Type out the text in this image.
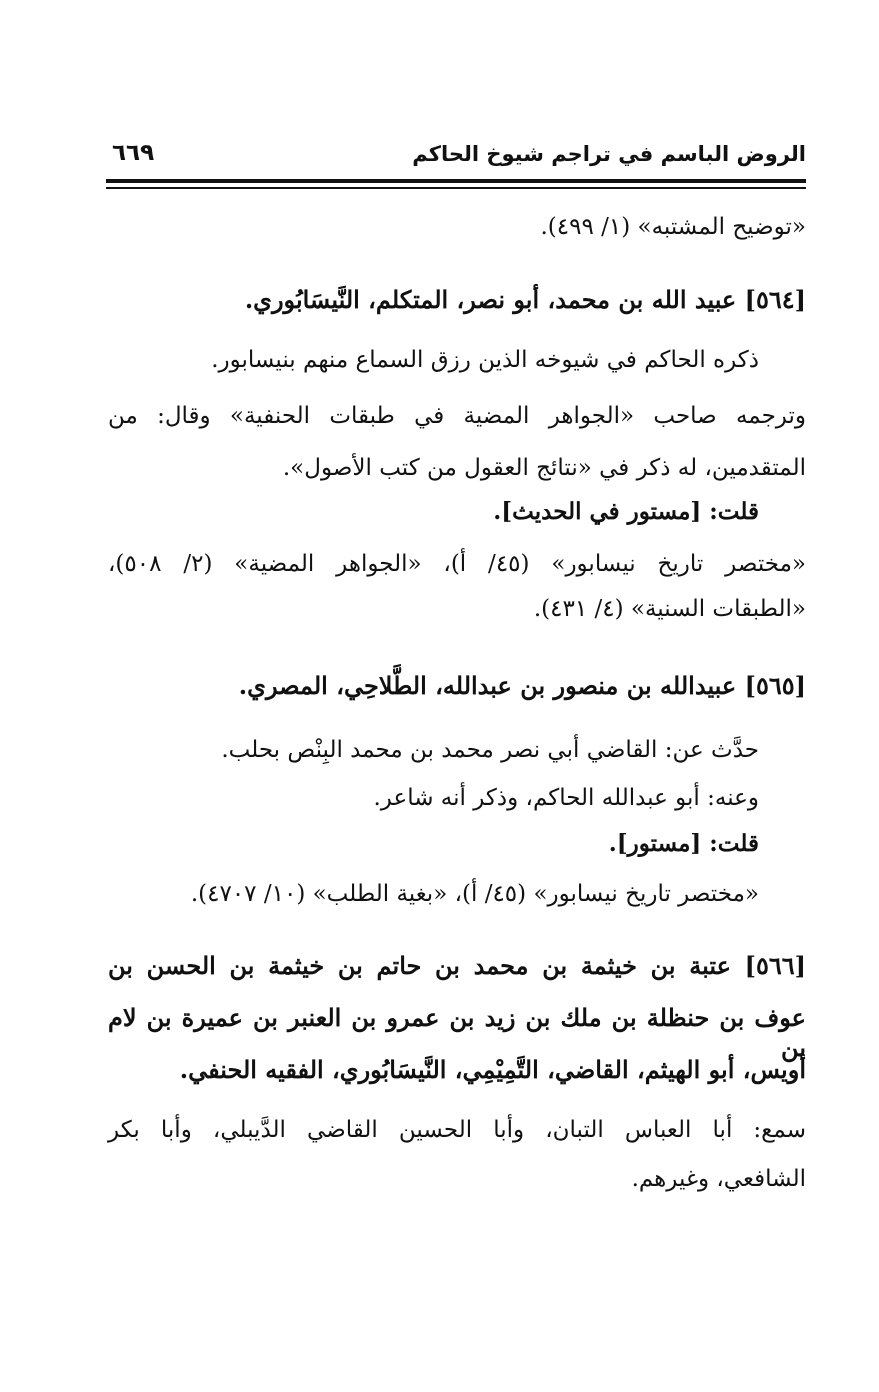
الروض الباسم في تراجم شيوخ الحاكم
٦٦٩
«توضيح المشتبه» (١/ ٤٩٩).
[٥٦٤] عبيد الله بن محمد، أبو نصر، المتكلم، النَّيسَابُوري.
ذكره الحاكم في شيوخه الذين رزق السماع منهم بنيسابور.
وترجمه صاحب «الجواهر المضية في طبقات الحنفية» وقال: من
المتقدمين، له ذكر في «نتائج العقول من كتب الأصول».
قلت: [مستور في الحديث].
«مختصر تاريخ نيسابور» (٤٥/ أ)، «الجواهر المضية» (٢/ ٥٠٨)،
«الطبقات السنية» (٤/ ٤٣١).
[٥٦٥] عبيدالله بن منصور بن عبدالله، الطَّلاحِي، المصري.
حدَّث عن: القاضي أبي نصر محمد بن محمد البِنْص بحلب.
وعنه: أبو عبدالله الحاكم، وذكر أنه شاعر.
قلت: [مستور].
«مختصر تاريخ نيسابور» (٤٥/ أ)، «بغية الطلب» (١٠/ ٤٧٠٧).
[٥٦٦] عتبة بن خيثمة بن محمد بن حاتم بن خيثمة بن الحسن بن
عوف بن حنظلة بن ملك بن زيد بن عمرو بن العنبر بن عميرة بن لام بن
أويس، أبو الهيثم، القاضي، التَّمِيْمِي، النَّيسَابُوري، الفقيه الحنفي.
سمع: أبا العباس التبان، وأبا الحسين القاضي الدَّيبلي، وأبا بكر
الشافعي، وغيرهم.
